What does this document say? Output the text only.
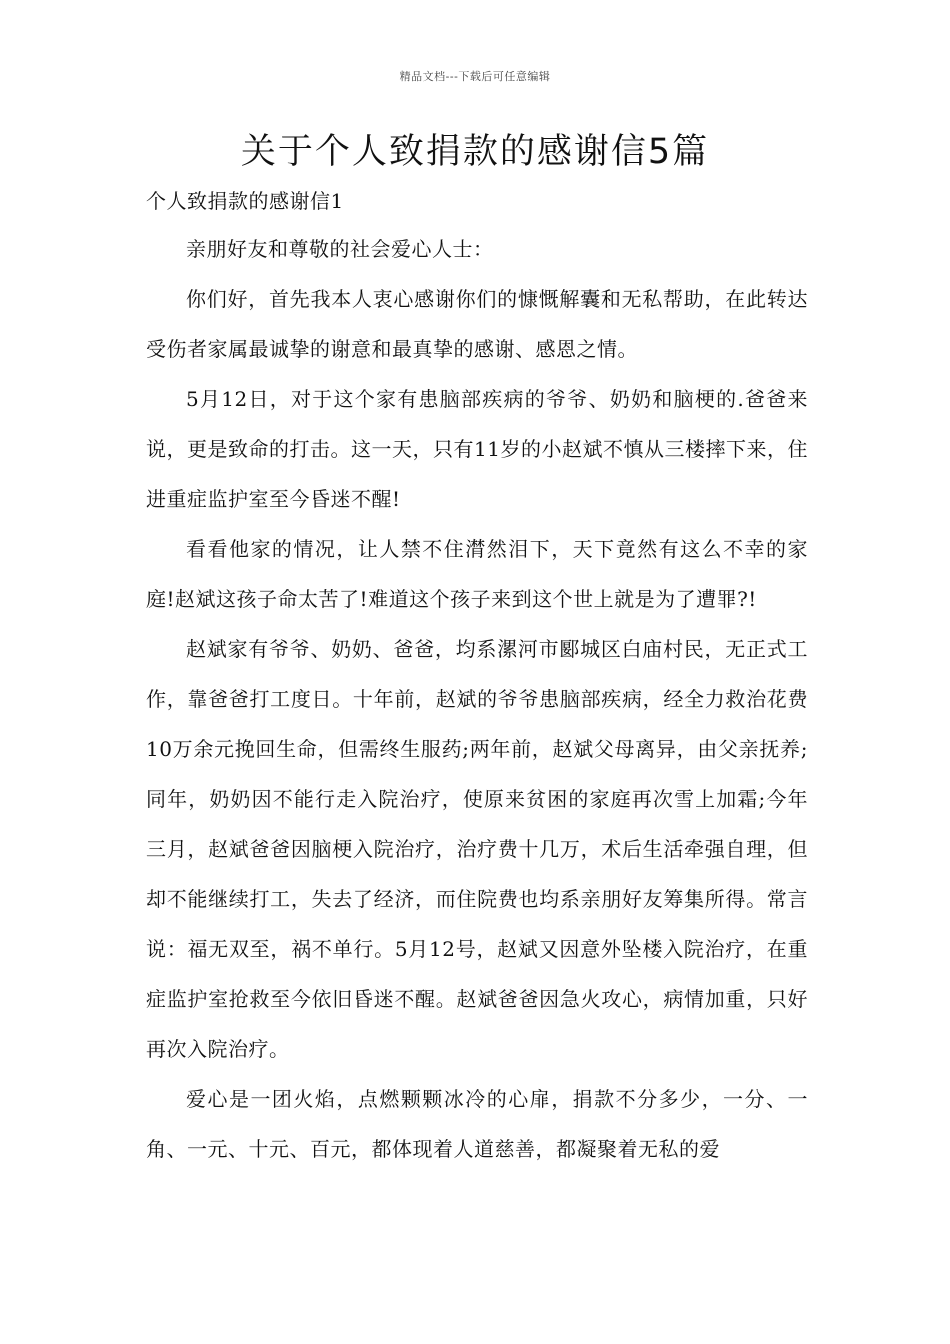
精品文档---下载后可任意编辑
关于个人致捐款的感谢信5篇
个人致捐款的感谢信1

亲朋好友和尊敬的社会爱心人士：

你们好，首先我本人衷心感谢你们的慷慨解囊和无私帮助，在此转达受伤者家属最诚挚的谢意和最真挚的感谢、感恩之情。

5月12日，对于这个家有患脑部疾病的爷爷、奶奶和脑梗的.爸爸来说，更是致命的打击。这一天，只有11岁的小赵斌不慎从三楼摔下来，住进重症监护室至今昏迷不醒!

看看他家的情况，让人禁不住潸然泪下，天下竟然有这么不幸的家庭!赵斌这孩子命太苦了!难道这个孩子来到这个世上就是为了遭罪?!

赵斌家有爷爷、奶奶、爸爸，均系漯河市郾城区白庙村民，无正式工作，靠爸爸打工度日。十年前，赵斌的爷爷患脑部疾病，经全力救治花费10万余元挽回生命，但需终生服药;两年前，赵斌父母离异，由父亲抚养;同年，奶奶因不能行走入院治疗，使原来贫困的家庭再次雪上加霜;今年三月，赵斌爸爸因脑梗入院治疗，治疗费十几万，术后生活牵强自理，但却不能继续打工，失去了经济，而住院费也均系亲朋好友筹集所得。常言说：福无双至，祸不单行。5月12号，赵斌又因意外坠楼入院治疗，在重症监护室抢救至今依旧昏迷不醒。赵斌爸爸因急火攻心，病情加重，只好再次入院治疗。

爱心是一团火焰，点燃颗颗冰冷的心扉，捐款不分多少，一分、一角、一元、十元、百元，都体现着人道慈善，都凝聚着无私的爱
